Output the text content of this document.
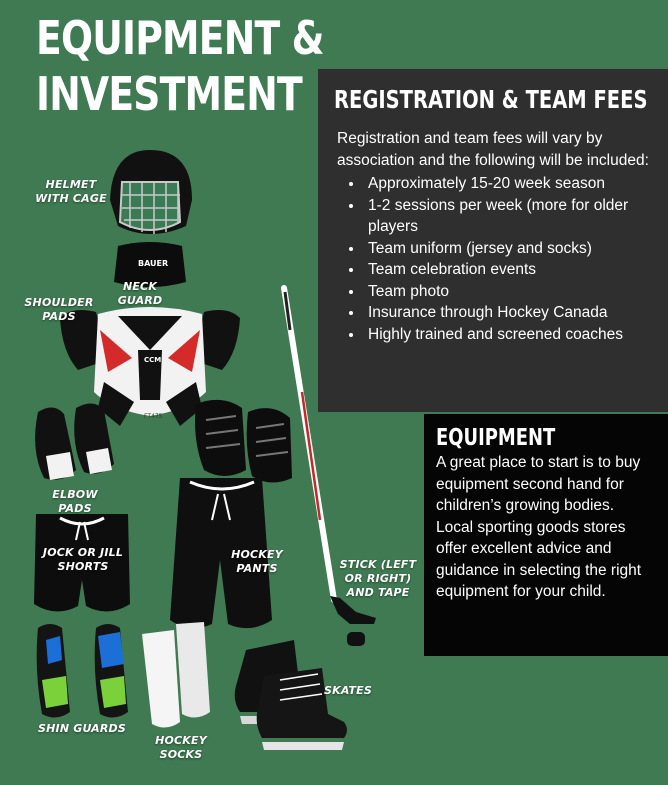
EQUIPMENT &
INVESTMENT
BAUER
CCM
FT475
HELMET WITH CAGE
NECK GUARD
SHOULDER PADS
ELBOW PADS
JOCK OR JILL SHORTS
HOCKEY PANTS	STICK (LEFT OR RIGHT) AND TAPE
SKATES
SHIN GUARDS
HOCKEY SOCKS
REGISTRATION & TEAM FEES

Registration and team fees will vary by association and the following will be included:

• Approximately 15-20 week season
• 1-2 sessions per week (more for older players
• Team uniform (jersey and socks)
• Team celebration events
• Team photo
• Insurance through Hockey Canada
• Highly trained and screened coaches
EQUIPMENT

A great place to start is to buy equipment second hand for children’s growing bodies.

Local sporting goods stores offer excellent advice and guidance in selecting the right equipment for your child.
